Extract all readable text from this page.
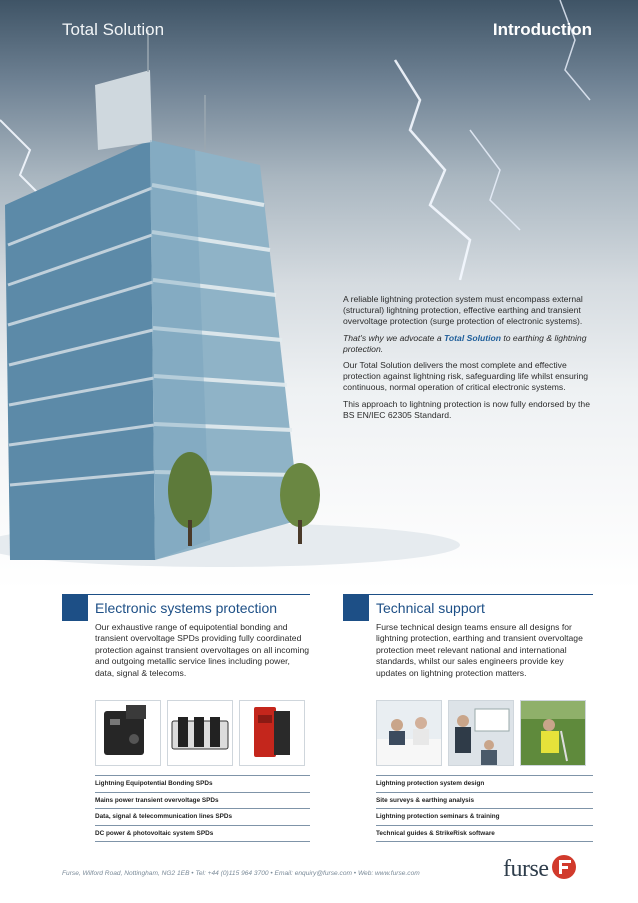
Total Solution	Introduction

A reliable lightning protection system must encompass external (structural) lightning protection, effective earthing and transient overvoltage protection (surge protection of electronic systems).

That's why we advocate a Total Solution to earthing & lightning protection.

Our Total Solution delivers the most complete and effective protection against lightning risk, safeguarding life whilst ensuring continuous, normal operation of critical electronic systems.

This approach to lightning protection is now fully endorsed by the BS EN/IEC 62305 Standard.

Electronic systems protection
Our exhaustive range of equipotential bonding and transient overvoltage SPDs providing fully coordinated protection against transient overvoltages on all incoming and outgoing metallic service lines including power, data, signal & telecoms.
Lightning Equipotential Bonding SPDs
Mains power transient overvoltage SPDs
Data, signal & telecommunication lines SPDs
DC power & photovoltaic system SPDs
Technical support
Furse technical design teams ensure all designs for lightning protection, earthing and transient overvoltage protection meet relevant national and international standards, whilst our sales engineers provide key updates on lightning protection matters.
Lightning protection system design
Site surveys & earthing analysis
Lightning protection seminars & training
Technical guides & StrikeRisk software
Furse, Wilford Road, Nottingham, NG2 1EB • Tel: +44 (0)115 964 3700 • Email: enquiry@furse.com • Web: www.furse.com	furse
